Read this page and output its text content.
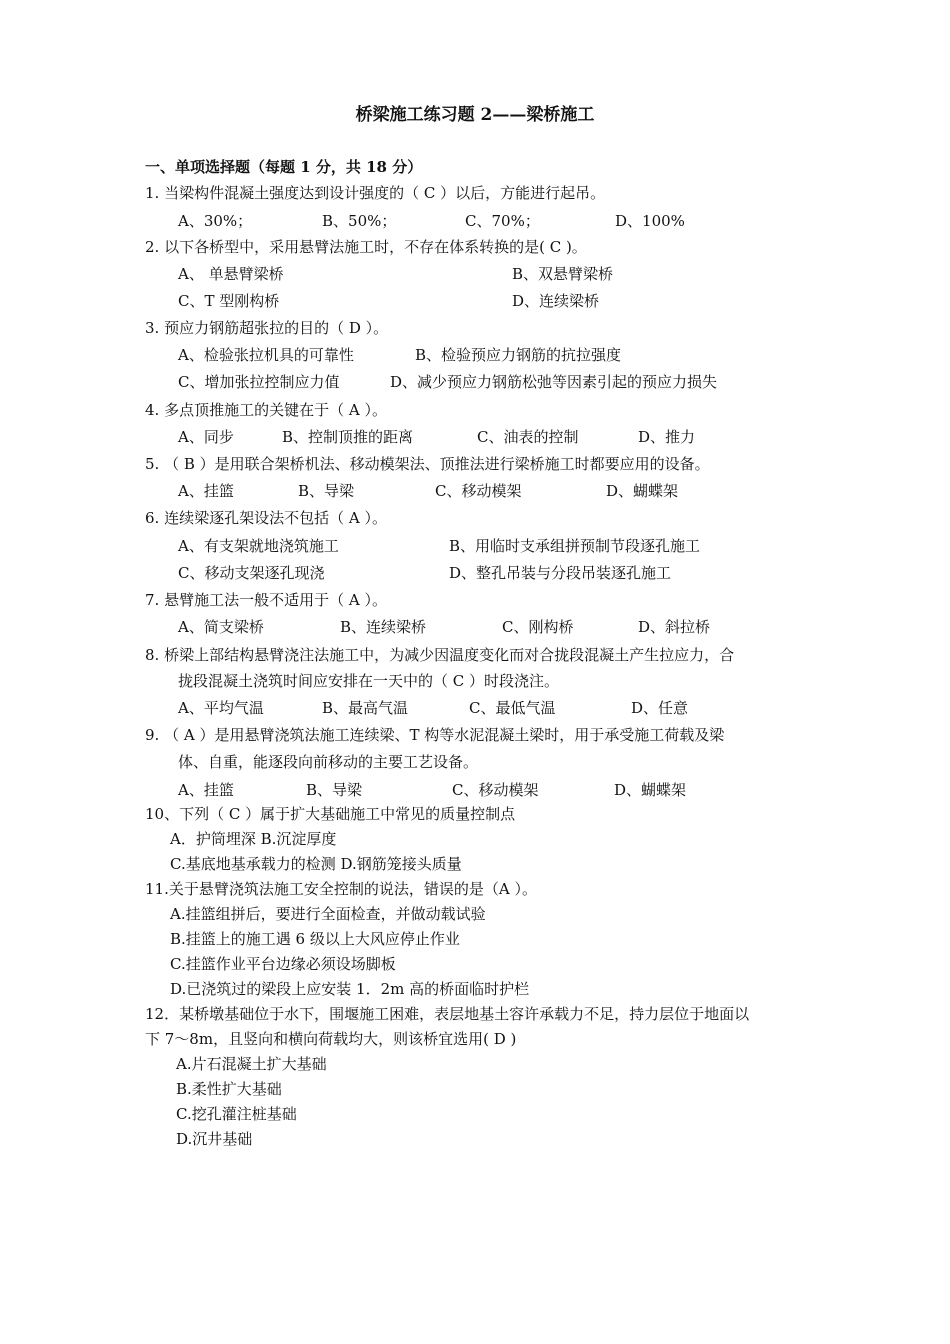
桥梁施工练习题 2——梁桥施工
一、单项选择题（每题 1 分，共 18 分）
1. 当梁构件混凝土强度达到设计强度的（ C ）以后，方能进行起吊。
A、30%；	B、50%；	C、70%；	D、100%
2. 以下各桥型中，采用悬臂法施工时，不存在体系转换的是( C )。
A、 单悬臂梁桥	B、双悬臂梁桥
C、T 型刚构桥	D、连续梁桥
3. 预应力钢筋超张拉的目的（ D ）。
A、检验张拉机具的可靠性	B、检验预应力钢筋的抗拉强度
C、增加张拉控制应力值	D、减少预应力钢筋松弛等因素引起的预应力损失
4. 多点顶推施工的关键在于（ A ）。
A、同步	B、控制顶推的距离	C、油表的控制	D、推力
5. （ B ）是用联合架桥机法、移动模架法、顶推法进行梁桥施工时都要应用的设备。
A、挂篮	B、导梁	C、移动模架	D、蝴蝶架
6. 连续梁逐孔架设法不包括（ A ）。
A、有支架就地浇筑施工	B、用临时支承组拼预制节段逐孔施工
C、移动支架逐孔现浇	D、整孔吊装与分段吊装逐孔施工
7. 悬臂施工法一般不适用于（ A ）。
A、简支梁桥	B、连续梁桥	C、刚构桥	D、斜拉桥
8. 桥梁上部结构悬臂浇注法施工中，为减少因温度变化而对合拢段混凝土产生拉应力，合
拢段混凝土浇筑时间应安排在一天中的（ C ）时段浇注。
A、平均气温	B、最高气温	C、最低气温	D、任意
9. （ A ）是用悬臂浇筑法施工连续梁、T 构等水泥混凝土梁时，用于承受施工荷载及梁
体、自重，能逐段向前移动的主要工艺设备。
A、挂篮	B、导梁	C、移动模架	D、蝴蝶架
10、下列（ C ）属于扩大基础施工中常见的质量控制点
A．护筒埋深 B.沉淀厚度
C.基底地基承载力的检测 D.钢筋笼接头质量
11.关于悬臂浇筑法施工安全控制的说法，错误的是（A ）。
A.挂篮组拼后，要进行全面检查，并做动载试验
B.挂篮上的施工遇 6 级以上大风应停止作业
C.挂篮作业平台边缘必须设场脚板
D.已浇筑过的梁段上应安装 1．2m 高的桥面临时护栏
12．某桥墩基础位于水下，围堰施工困难，表层地基土容许承载力不足，持力层位于地面以
下 7～8m，且竖向和横向荷载均大，则该桥宜选用( D )
A.片石混凝土扩大基础
B.柔性扩大基础
C.挖孔灌注桩基础
D.沉井基础
